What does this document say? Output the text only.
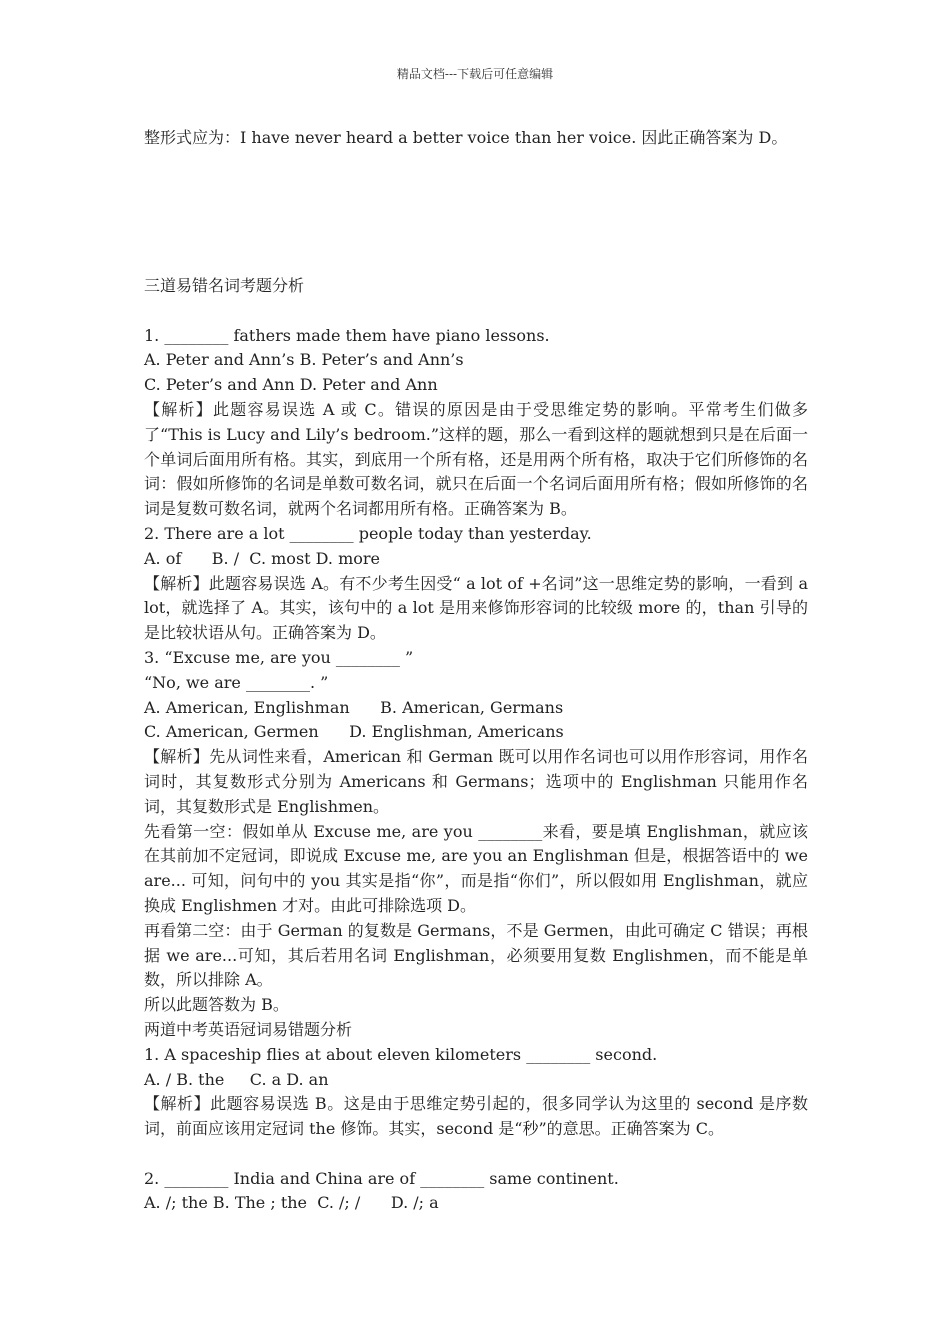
精品文档---下载后可任意编辑
整形式应为：I have never heard a better voice than her voice. 因此正确答案为 D。

三道易错名词考题分析

1. ________ fathers made them have piano lessons.

A. Peter and Ann’s B. Peter’s and Ann’s

C. Peter’s and Ann D. Peter and Ann

【解析】此题容易误选 A 或 C。错误的原因是由于受思维定势的影响。平常考生们做多了“This is Lucy and Lily’s bedroom.”这样的题，那么一看到这样的题就想到只是在后面一个单词后面用所有格。其实，到底用一个所有格，还是用两个所有格，取决于它们所修饰的名词：假如所修饰的名词是单数可数名词，就只在后面一个名词后面用所有格；假如所修饰的名词是复数可数名词，就两个名词都用所有格。正确答案为 B。

2. There are a lot ________ people today than yesterday.

A. of      B. /  C. most D. more

【解析】此题容易误选 A。有不少考生因受“ a lot of +名词”这一思维定势的影响，一看到 a lot，就选择了 A。其实，该句中的 a lot 是用来修饰形容词的比较级 more 的，than 引导的是比较状语从句。正确答案为 D。

3. “Excuse me, are you ________ ”

“No, we are ________. ”

A. American, Englishman      B. American, Germans

C. American, Germen      D. Englishman, Americans

【解析】先从词性来看，American 和 German 既可以用作名词也可以用作形容词，用作名词时，其复数形式分别为 Americans 和 Germans；选项中的 Englishman 只能用作名词，其复数形式是 Englishmen。

先看第一空：假如单从 Excuse me, are you ________来看，要是填 Englishman，就应该在其前加不定冠词，即说成 Excuse me, are you an Englishman 但是，根据答语中的 we are... 可知，问句中的 you 其实是指“你”，而是指“你们”，所以假如用 Englishman，就应换成 Englishmen 才对。由此可排除选项 D。

再看第二空：由于 German 的复数是 Germans，不是 Germen，由此可确定 C 错误；再根据 we are...可知，其后若用名词 Englishman，必须要用复数 Englishmen，而不能是单数，所以排除 A。

所以此题答数为 B。

两道中考英语冠词易错题分析

1. A spaceship flies at about eleven kilometers ________ second.

A. / B. the     C. a D. an

【解析】此题容易误选 B。这是由于思维定势引起的，很多同学认为这里的 second 是序数词，前面应该用定冠词 the 修饰。其实，second 是“秒”的意思。正确答案为 C。

2. ________ India and China are of ________ same continent.

A. /; the B. The ; the  C. /; /      D. /; a
